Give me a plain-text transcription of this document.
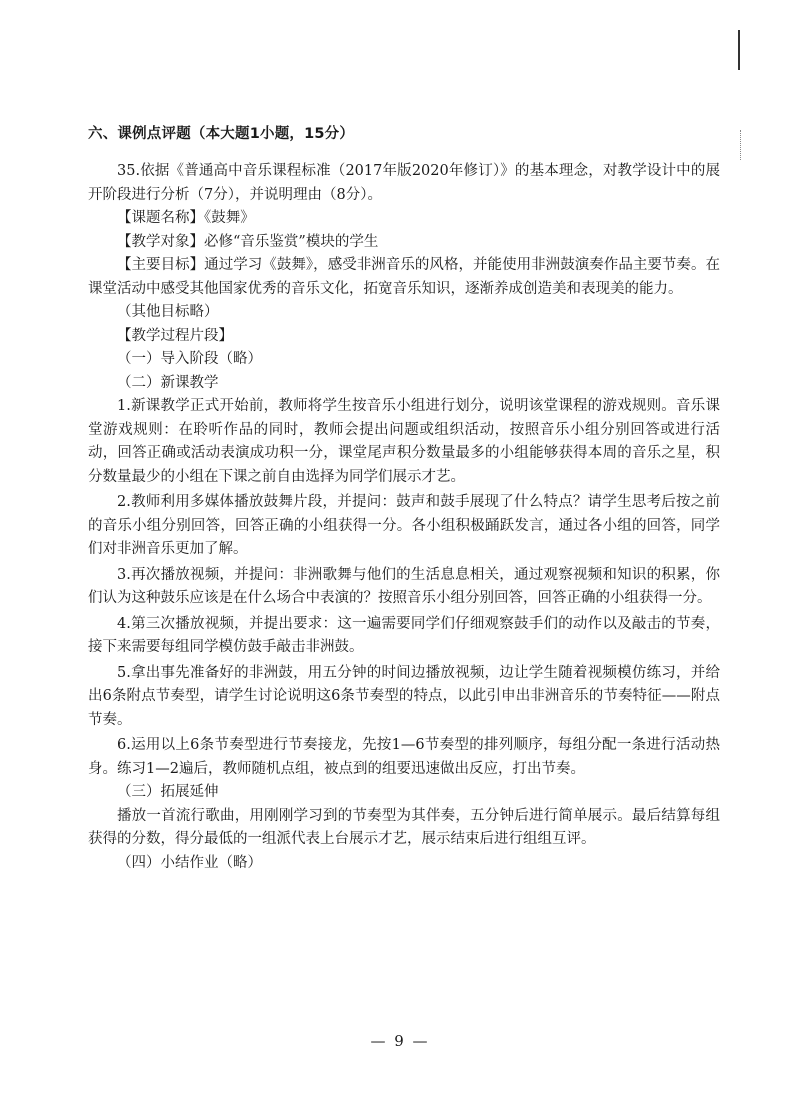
六、课例点评题（本大题1小题，15分）

35.依据《普通高中音乐课程标准（2017年版2020年修订）》的基本理念，对教学设计中的展开阶段进行分析（7分），并说明理由（8分）。

【课题名称】《鼓舞》

【教学对象】必修“音乐鉴赏”模块的学生

【主要目标】通过学习《鼓舞》，感受非洲音乐的风格，并能使用非洲鼓演奏作品主要节奏。在课堂活动中感受其他国家优秀的音乐文化，拓宽音乐知识，逐渐养成创造美和表现美的能力。

（其他目标略）

【教学过程片段】

（一）导入阶段（略）

（二）新课教学

1.新课教学正式开始前，教师将学生按音乐小组进行划分，说明该堂课程的游戏规则。音乐课堂游戏规则：在聆听作品的同时，教师会提出问题或组织活动，按照音乐小组分别回答或进行活动，回答正确或活动表演成功积一分，课堂尾声积分数量最多的小组能够获得本周的音乐之星，积分数量最少的小组在下课之前自由选择为同学们展示才艺。

2.教师利用多媒体播放鼓舞片段，并提问：鼓声和鼓手展现了什么特点？请学生思考后按之前的音乐小组分别回答，回答正确的小组获得一分。各小组积极踊跃发言，通过各小组的回答，同学们对非洲音乐更加了解。

3.再次播放视频，并提问：非洲歌舞与他们的生活息息相关，通过观察视频和知识的积累，你们认为这种鼓乐应该是在什么场合中表演的？按照音乐小组分别回答，回答正确的小组获得一分。

4.第三次播放视频，并提出要求：这一遍需要同学们仔细观察鼓手们的动作以及敲击的节奏，接下来需要每组同学模仿鼓手敲击非洲鼓。

5.拿出事先准备好的非洲鼓，用五分钟的时间边播放视频，边让学生随着视频模仿练习，并给出6条附点节奏型，请学生讨论说明这6条节奏型的特点，以此引申出非洲音乐的节奏特征——附点节奏。

6.运用以上6条节奏型进行节奏接龙，先按1—6节奏型的排列顺序，每组分配一条进行活动热身。练习1—2遍后，教师随机点组，被点到的组要迅速做出反应，打出节奏。

（三）拓展延伸

播放一首流行歌曲，用刚刚学习到的节奏型为其伴奏，五分钟后进行简单展示。最后结算每组获得的分数，得分最低的一组派代表上台展示才艺，展示结束后进行组组互评。

（四）小结作业（略）

— 9 —
